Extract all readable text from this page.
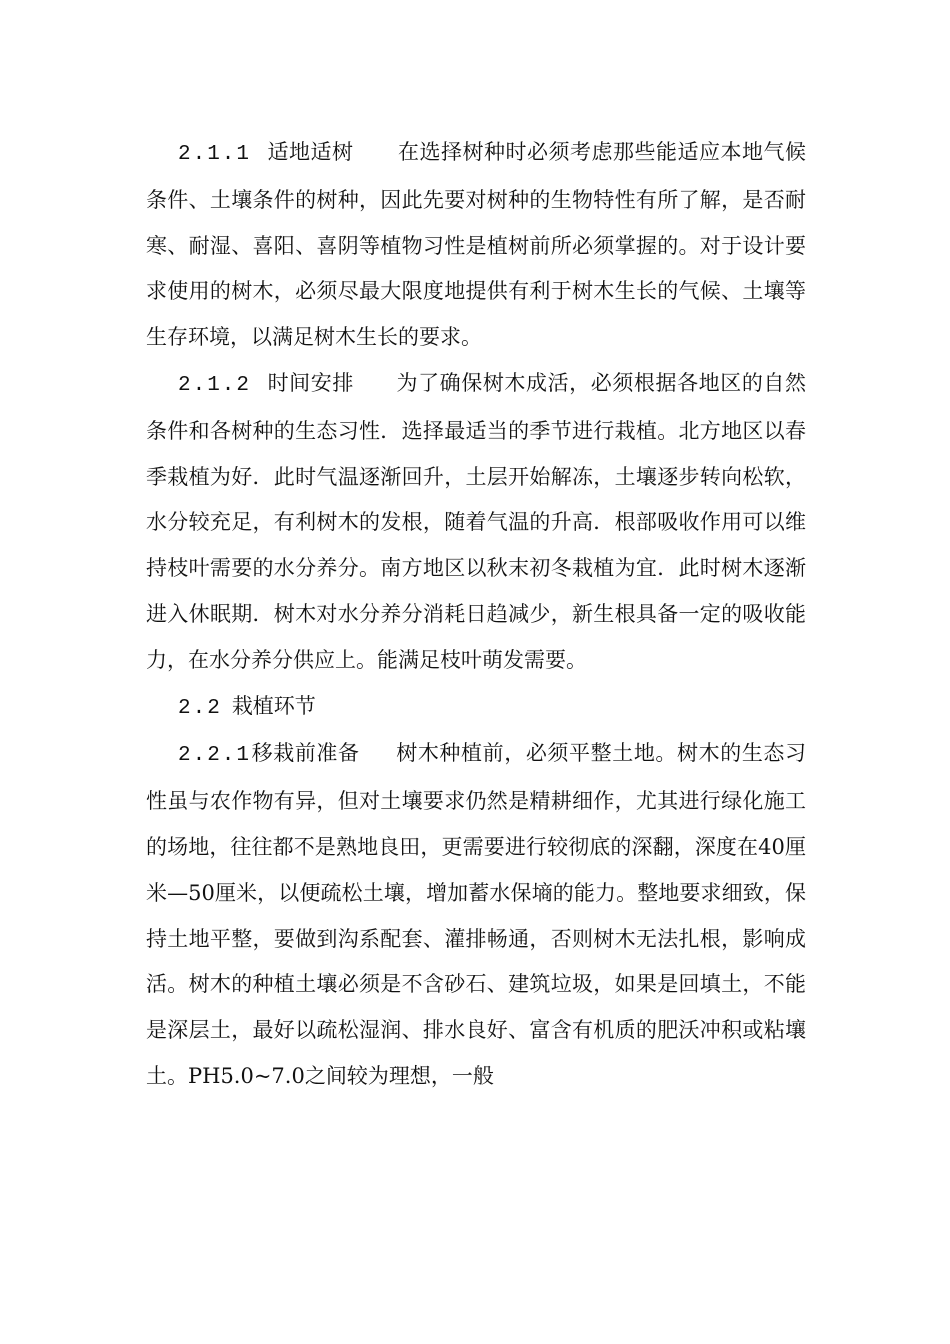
2.1.1 适地适树 在选择树种时必须考虑那些能适应本地气候条件、土壤条件的树种，因此先要对树种的生物特性有所了解，是否耐寒、耐湿、喜阳、喜阴等植物习性是植树前所必须掌握的。对于设计要求使用的树木，必须尽最大限度地提供有利于树木生长的气候、土壤等生存环境，以满足树木生长的要求。

2.1.2 时间安排 为了确保树木成活，必须根据各地区的自然条件和各树种的生态习性．选择最适当的季节进行栽植。北方地区以春季栽植为好．此时气温逐渐回升，土层开始解冻，土壤逐步转向松软，水分较充足，有利树木的发根，随着气温的升高．根部吸收作用可以维持枝叶需要的水分养分。南方地区以秋末初冬栽植为宜．此时树木逐渐进入休眠期．树木对水分养分消耗日趋减少，新生根具备一定的吸收能力，在水分养分供应上。能满足枝叶萌发需要。

2.2 栽植环节

2.2.1移栽前准备 树木种植前，必须平整土地。树木的生态习性虽与农作物有异，但对土壤要求仍然是精耕细作，尤其进行绿化施工的场地，往往都不是熟地良田，更需要进行较彻底的深翻，深度在40厘米—50厘米，以便疏松土壤，增加蓄水保墒的能力。整地要求细致，保持土地平整，要做到沟系配套、灌排畅通，否则树木无法扎根，影响成活。树木的种植土壤必须是不含砂石、建筑垃圾，如果是回填土，不能是深层土，最好以疏松湿润、排水良好、富含有机质的肥沃冲积或粘壤土。PH5.0~7.0之间较为理想，一般
